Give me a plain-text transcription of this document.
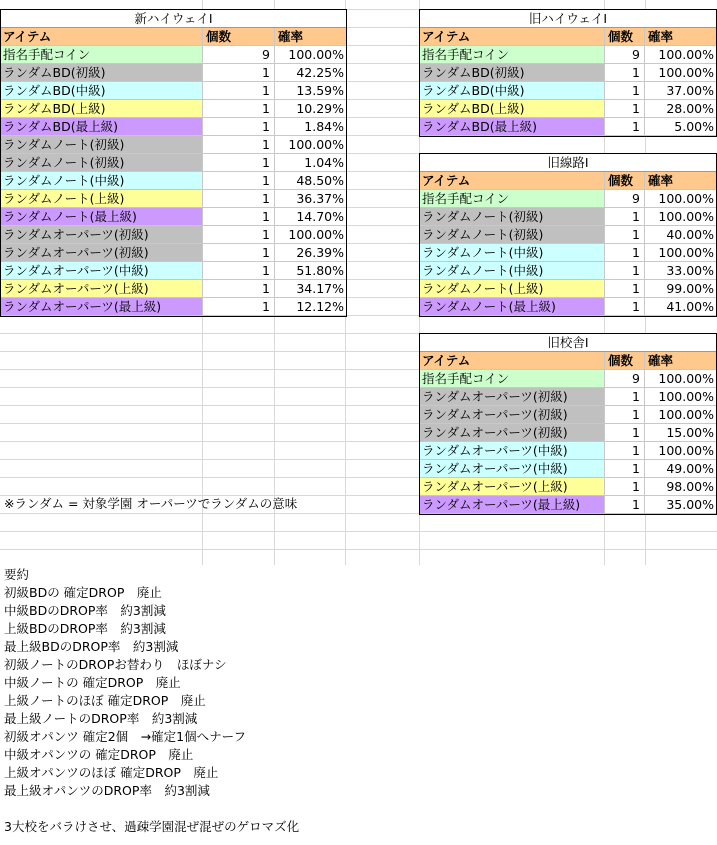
新ハイウェイI
アイテム	個数	確率
指名手配コイン	9	100.00%
ランダムBD(初級)	1	42.25%
ランダムBD(中級)	1	13.59%
ランダムBD(上級)	1	10.29%
ランダムBD(最上級)	1	1.84%
ランダムノート(初級)	1	100.00%
ランダムノート(初級)	1	1.04%
ランダムノート(中級)	1	48.50%
ランダムノート(上級)	1	36.37%
ランダムノート(最上級)	1	14.70%
ランダムオーパーツ(初級)	1	100.00%
ランダムオーパーツ(初級)	1	26.39%
ランダムオーパーツ(中級)	1	51.80%
ランダムオーパーツ(上級)	1	34.17%
ランダムオーパーツ(最上級)	1	12.12%
旧ハイウェイI
アイテム	個数	確率
指名手配コイン	9	100.00%
ランダムBD(初級)	1	100.00%
ランダムBD(中級)	1	37.00%
ランダムBD(上級)	1	28.00%
ランダムBD(最上級)	1	5.00%
旧線路I
アイテム	個数	確率
指名手配コイン	9	100.00%
ランダムノート(初級)	1	100.00%
ランダムノート(初級)	1	40.00%
ランダムノート(中級)	1	100.00%
ランダムノート(中級)	1	33.00%
ランダムノート(上級)	1	99.00%
ランダムノート(最上級)	1	41.00%
旧校舎I
アイテム	個数	確率
指名手配コイン	9	100.00%
ランダムオーパーツ(初級)	1	100.00%
ランダムオーパーツ(初級)	1	100.00%
ランダムオーパーツ(初級)	1	15.00%
ランダムオーパーツ(中級)	1	100.00%
ランダムオーパーツ(中級)	1	49.00%
ランダムオーパーツ(上級)	1	98.00%
ランダムオーパーツ(最上級)	1	35.00%
※ランダム = 対象学園 オーパーツでランダムの意味
要約
初級BDの 確定DROP　廃止
中級BDのDROP率　約3割減
上級BDのDROP率　約3割減
最上級BDのDROP率　約3割減
初級ノートのDROPお替わり　ほぼナシ
中級ノートの 確定DROP　廃止
上級ノートのほぼ 確定DROP　廃止
最上級ノートのDROP率　約3割減
初級オパンツ 確定2個　→確定1個へナーフ
中級オパンツの 確定DROP　廃止
上級オパンツのほぼ 確定DROP　廃止
最上級オパンツのDROP率　約3割減
3大校をバラけさせ、過疎学園混ぜ混ぜのゲロマズ化
